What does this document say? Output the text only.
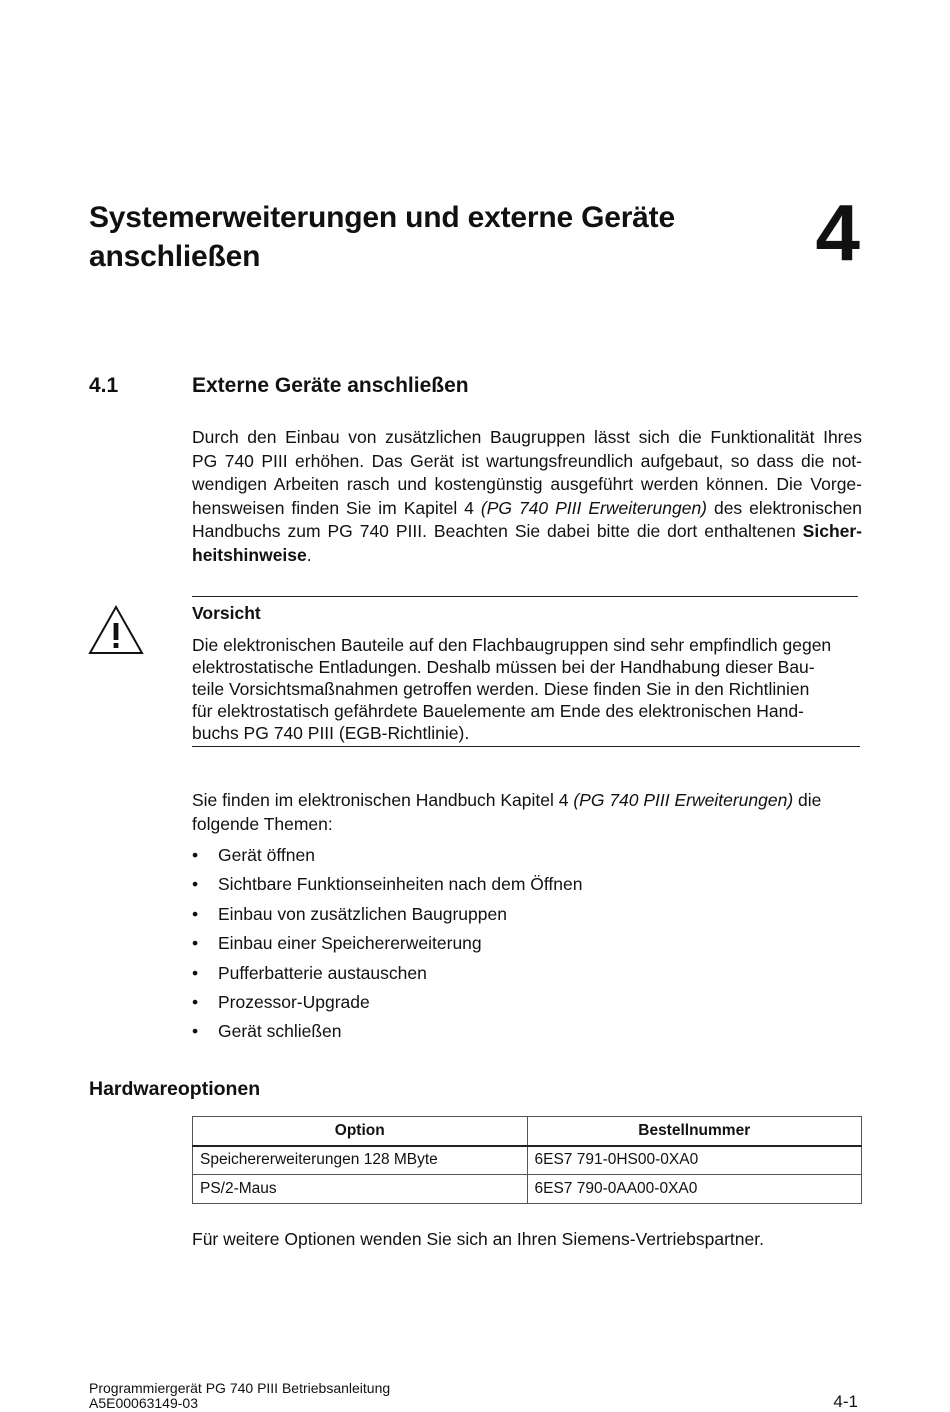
Systemerweiterungen und externe Geräte
anschließen	4
4.1	Externe Geräte anschließen
Durch den Einbau von zusätzlichen Baugruppen lässt sich die Funktionalität Ihres
PG 740 PIII erhöhen. Das Gerät ist wartungsfreundlich aufgebaut, so dass die not-
wendigen Arbeiten rasch und kostengünstig ausgeführt werden können. Die Vorge-
hensweisen finden Sie im Kapitel 4 (PG 740 PIII Erweiterungen) des elektronischen
Handbuchs zum PG 740 PIII. Beachten Sie dabei bitte die dort enthaltenen Sicher-
heitshinweise.
Vorsicht
Die elektronischen Bauteile auf den Flachbaugruppen sind sehr empfindlich gegen
elektrostatische Entladungen. Deshalb müssen bei der Handhabung dieser Bau-
teile Vorsichtsmaßnahmen getroffen werden. Diese finden Sie in den Richtlinien
für elektrostatisch gefährdete Bauelemente am Ende des elektronischen Hand-
buchs PG 740 PIII (EGB-Richtlinie).
Sie finden im elektronischen Handbuch Kapitel 4 (PG 740 PIII Erweiterungen) die
folgende Themen:
• Gerät öffnen
• Sichtbare Funktionseinheiten nach dem Öffnen
• Einbau von zusätzlichen Baugruppen
• Einbau einer Speichererweiterung
• Pufferbatterie austauschen
• Prozessor-Upgrade
• Gerät schließen
Hardwareoptionen
Option	Bestellnummer
Speichererweiterungen 128 MByte	6ES7 791-0HS00-0XA0
PS/2-Maus	6ES7 790-0AA00-0XA0
Für weitere Optionen wenden Sie sich an Ihren Siemens-Vertriebspartner.
Programmiergerät PG 740 PIII Betriebsanleitung
A5E00063149-03	4-1
